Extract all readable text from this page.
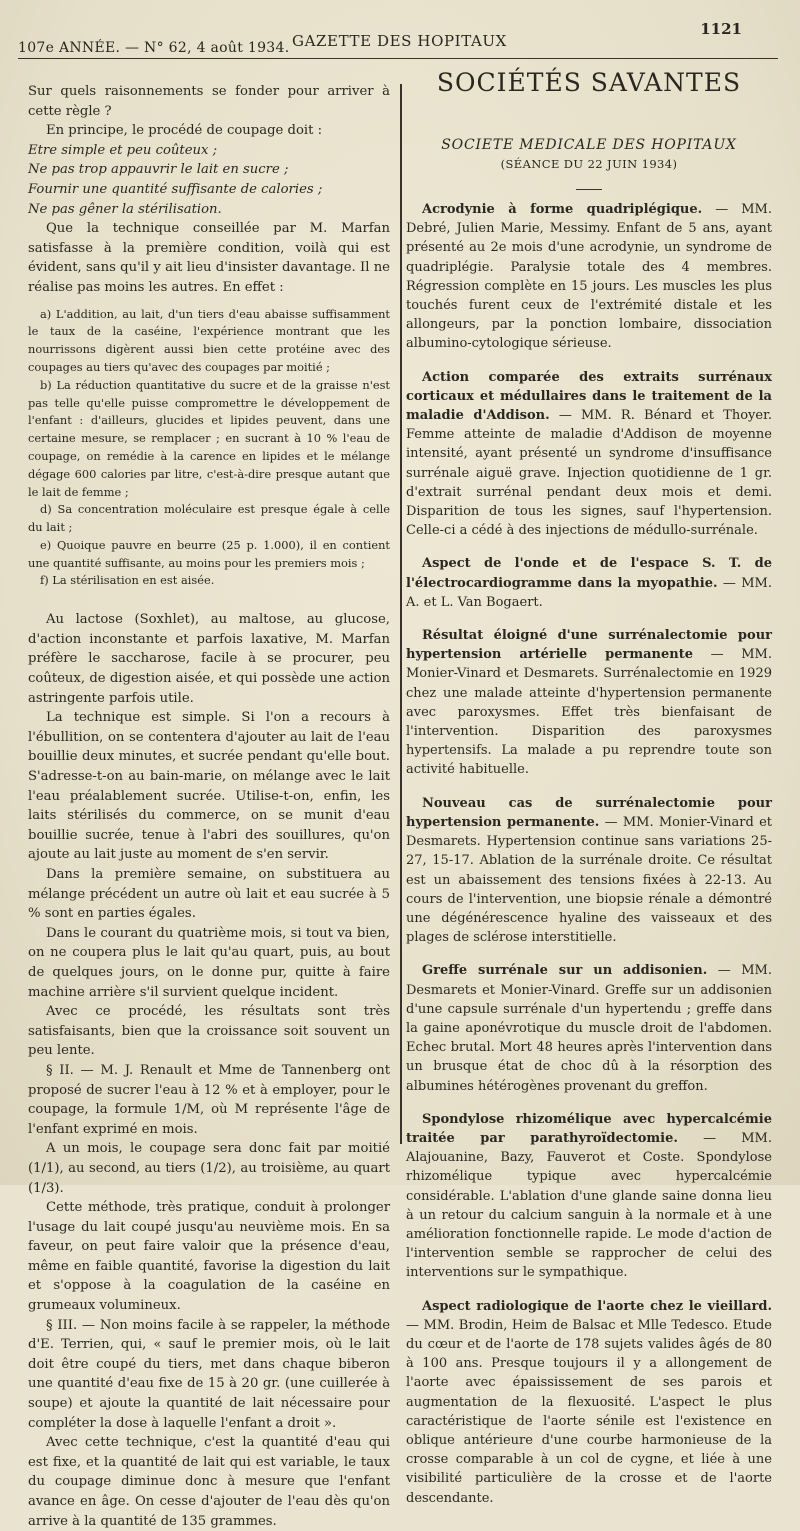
107e ANNÉE. — N° 62, 4 août 1934. GAZETTE DES HOPITAUX
1121

Sur quels raisonnements se fonder pour arriver à cette règle ?

En principe, le procédé de coupage doit :

Etre simple et peu coûteux ;

Ne pas trop appauvrir le lait en sucre ;

Fournir une quantité suffisante de calories ;

Ne pas gêner la stérilisation.

Que la technique conseillée par M. Marfan satisfasse à la première condition, voilà qui est évident, sans qu'il y ait lieu d'insister davantage. Il ne réalise pas moins les autres. En effet :

a) L'addition, au lait, d'un tiers d'eau abaisse suffisamment le taux de la caséine, l'expérience montrant que les nourrissons digèrent aussi bien cette protéine avec des coupages au tiers qu'avec des coupages par moitié ;

b) La réduction quantitative du sucre et de la graisse n'est pas telle qu'elle puisse compromettre le développement de l'enfant : d'ailleurs, glucides et lipides peuvent, dans une certaine mesure, se remplacer ; en sucrant à 10 % l'eau de coupage, on remédie à la carence en lipides et le mélange dégage 600 calories par litre, c'est-à-dire presque autant que le lait de femme ;

d) Sa concentration moléculaire est presque égale à celle du lait ;

e) Quoique pauvre en beurre (25 p. 1.000), il en contient une quantité suffisante, au moins pour les premiers mois ;

f) La stérilisation en est aisée.

Au lactose (Soxhlet), au maltose, au glucose, d'action inconstante et parfois laxative, M. Marfan préfère le saccharose, facile à se procurer, peu coûteux, de digestion aisée, et qui possède une action astringente parfois utile.

La technique est simple. Si l'on a recours à l'ébullition, on se contentera d'ajouter au lait de l'eau bouillie deux minutes, et sucrée pendant qu'elle bout. S'adresse-t-on au bain-marie, on mélange avec le lait l'eau préalablement sucrée. Utilise-t-on, enfin, les laits stérilisés du commerce, on se munit d'eau bouillie sucrée, tenue à l'abri des souillures, qu'on ajoute au lait juste au moment de s'en servir.

Dans la première semaine, on substituera au mélange précédent un autre où lait et eau sucrée à 5 % sont en parties égales.

Dans le courant du quatrième mois, si tout va bien, on ne coupera plus le lait qu'au quart, puis, au bout de quelques jours, on le donne pur, quitte à faire machine arrière s'il survient quelque incident.

Avec ce procédé, les résultats sont très satisfaisants, bien que la croissance soit souvent un peu lente.

§ II. — M. J. Renault et Mme de Tannenberg ont proposé de sucrer l'eau à 12 % et à employer, pour le coupage, la formule 1/M, où M représente l'âge de l'enfant exprimé en mois.

A un mois, le coupage sera donc fait par moitié (1/1), au second, au tiers (1/2), au troisième, au quart (1/3).

Cette méthode, très pratique, conduit à prolonger l'usage du lait coupé jusqu'au neuvième mois. En sa faveur, on peut faire valoir que la présence d'eau, même en faible quantité, favorise la digestion du lait et s'oppose à la coagulation de la caséine en grumeaux volumineux.

§ III. — Non moins facile à se rappeler, la méthode d'E. Terrien, qui, « sauf le premier mois, où le lait doit être coupé du tiers, met dans chaque biberon une quantité d'eau fixe de 15 à 20 gr. (une cuillerée à soupe) et ajoute la quantité de lait nécessaire pour compléter la dose à laquelle l'enfant a droit ».

Avec cette technique, c'est la quantité d'eau qui est fixe, et la quantité de lait qui est variable, le taux du coupage diminue donc à mesure que l'enfant avance en âge. On cesse d'ajouter de l'eau dès qu'on arrive à la quantité de 135 grammes.

SOCIÉTÉS SAVANTES
SOCIETE MEDICALE DES HOPITAUX
(SÉANCE DU 22 JUIN 1934)

Acrodynie à forme quadriplégique. — MM. Debré, Julien Marie, Messimy. Enfant de 5 ans, ayant présenté au 2e mois d'une acrodynie, un syndrome de quadriplégie. Paralysie totale des 4 membres. Régression complète en 15 jours. Les muscles les plus touchés furent ceux de l'extrémité distale et les allongeurs, par la ponction lombaire, dissociation albumino-cytologique sérieuse.

Action comparée des extraits surrénaux corticaux et médullaires dans le traitement de la maladie d'Addison. — MM. R. Bénard et Thoyer. Femme atteinte de maladie d'Addison de moyenne intensité, ayant présenté un syndrome d'insuffisance surrénale aiguë grave. Injection quotidienne de 1 gr. d'extrait surrénal pendant deux mois et demi. Disparition de tous les signes, sauf l'hypertension. Celle-ci a cédé à des injections de médullo-surrénale.

Aspect de l'onde et de l'espace S. T. de l'électrocardiogramme dans la myopathie. — MM. A. et L. Van Bogaert.

Résultat éloigné d'une surrénalectomie pour hypertension artérielle permanente — MM. Monier-Vinard et Desmarets. Surrénalectomie en 1929 chez une malade atteinte d'hypertension permanente avec paroxysmes. Effet très bienfaisant de l'intervention. Disparition des paroxysmes hypertensifs. La malade a pu reprendre toute son activité habituelle.

Nouveau cas de surrénalectomie pour hypertension permanente. — MM. Monier-Vinard et Desmarets. Hypertension continue sans variations 25-27, 15-17. Ablation de la surrénale droite. Ce résultat est un abaissement des tensions fixées à 22-13. Au cours de l'intervention, une biopsie rénale a démontré une dégénérescence hyaline des vaisseaux et des plages de sclérose interstitielle.

Greffe surrénale sur un addisonien. — MM. Desmarets et Monier-Vinard. Greffe sur un addisonien d'une capsule surrénale d'un hypertendu ; greffe dans la gaine aponévrotique du muscle droit de l'abdomen. Echec brutal. Mort 48 heures après l'intervention dans un brusque état de choc dû à la résorption des albumines hétérogènes provenant du greffon.

Spondylose rhizomélique avec hypercalcémie traitée par parathyroïdectomie. — MM. Alajouanine, Bazy, Fauverot et Coste. Spondylose rhizomélique typique avec hypercalcémie considérable. L'ablation d'une glande saine donna lieu à un retour du calcium sanguin à la normale et à une amélioration fonctionnelle rapide. Le mode d'action de l'intervention semble se rapprocher de celui des interventions sur le sympathique.

Aspect radiologique de l'aorte chez le vieillard. — MM. Brodin, Heim de Balsac et Mlle Tedesco. Etude du cœur et de l'aorte de 178 sujets valides âgés de 80 à 100 ans. Presque toujours il y a allongement de l'aorte avec épaississement de ses parois et augmentation de la flexuosité. L'aspect le plus caractéristique de l'aorte sénile est l'existence en oblique antérieure d'une courbe harmonieuse de la crosse comparable à un col de cygne, et liée à une visibilité particulière de la crosse et de l'aorte descendante.
